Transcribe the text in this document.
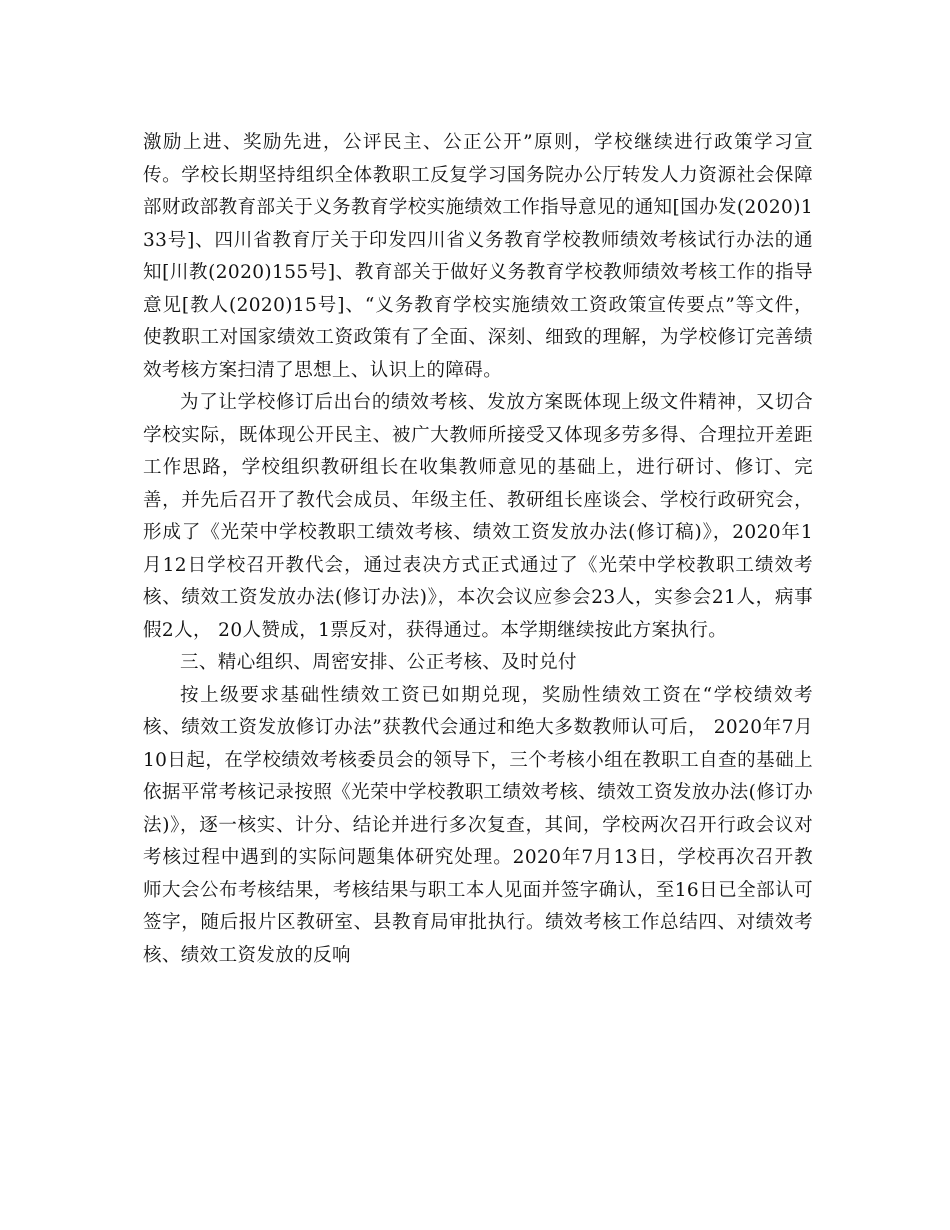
激励上进、奖励先进，公评民主、公正公开”原则，学校继续进行政策学习宣传。学校长期坚持组织全体教职工反复学习国务院办公厅转发人力资源社会保障部财政部教育部关于义务教育学校实施绩效工作指导意见的通知[国办发(2020)133号]、四川省教育厅关于印发四川省义务教育学校教师绩效考核试行办法的通知[川教(2020)155号]、教育部关于做好义务教育学校教师绩效考核工作的指导意见[教人(2020)15号]、“义务教育学校实施绩效工资政策宣传要点”等文件，使教职工对国家绩效工资政策有了全面、深刻、细致的理解，为学校修订完善绩效考核方案扫清了思想上、认识上的障碍。

为了让学校修订后出台的绩效考核、发放方案既体现上级文件精神，又切合学校实际，既体现公开民主、被广大教师所接受又体现多劳多得、合理拉开差距工作思路，学校组织教研组长在收集教师意见的基础上，进行研讨、修订、完善，并先后召开了教代会成员、年级主任、教研组长座谈会、学校行政研究会，形成了《光荣中学校教职工绩效考核、绩效工资发放办法(修订稿)》，2020年1月12日学校召开教代会，通过表决方式正式通过了《光荣中学校教职工绩效考核、绩效工资发放办法(修订办法)》，本次会议应参会23人，实参会21人，病事假2人， 20人赞成，1票反对，获得通过。本学期继续按此方案执行。

三、精心组织、周密安排、公正考核、及时兑付

按上级要求基础性绩效工资已如期兑现，奖励性绩效工资在“学校绩效考核、绩效工资发放修订办法”获教代会通过和绝大多数教师认可后， 2020年7月10日起，在学校绩效考核委员会的领导下，三个考核小组在教职工自查的基础上依据平常考核记录按照《光荣中学校教职工绩效考核、绩效工资发放办法(修订办法)》，逐一核实、计分、结论并进行多次复查，其间，学校两次召开行政会议对考核过程中遇到的实际问题集体研究处理。2020年7月13日，学校再次召开教师大会公布考核结果，考核结果与职工本人见面并签字确认，至16日已全部认可签字，随后报片区教研室、县教育局审批执行。绩效考核工作总结四、对绩效考核、绩效工资发放的反响
